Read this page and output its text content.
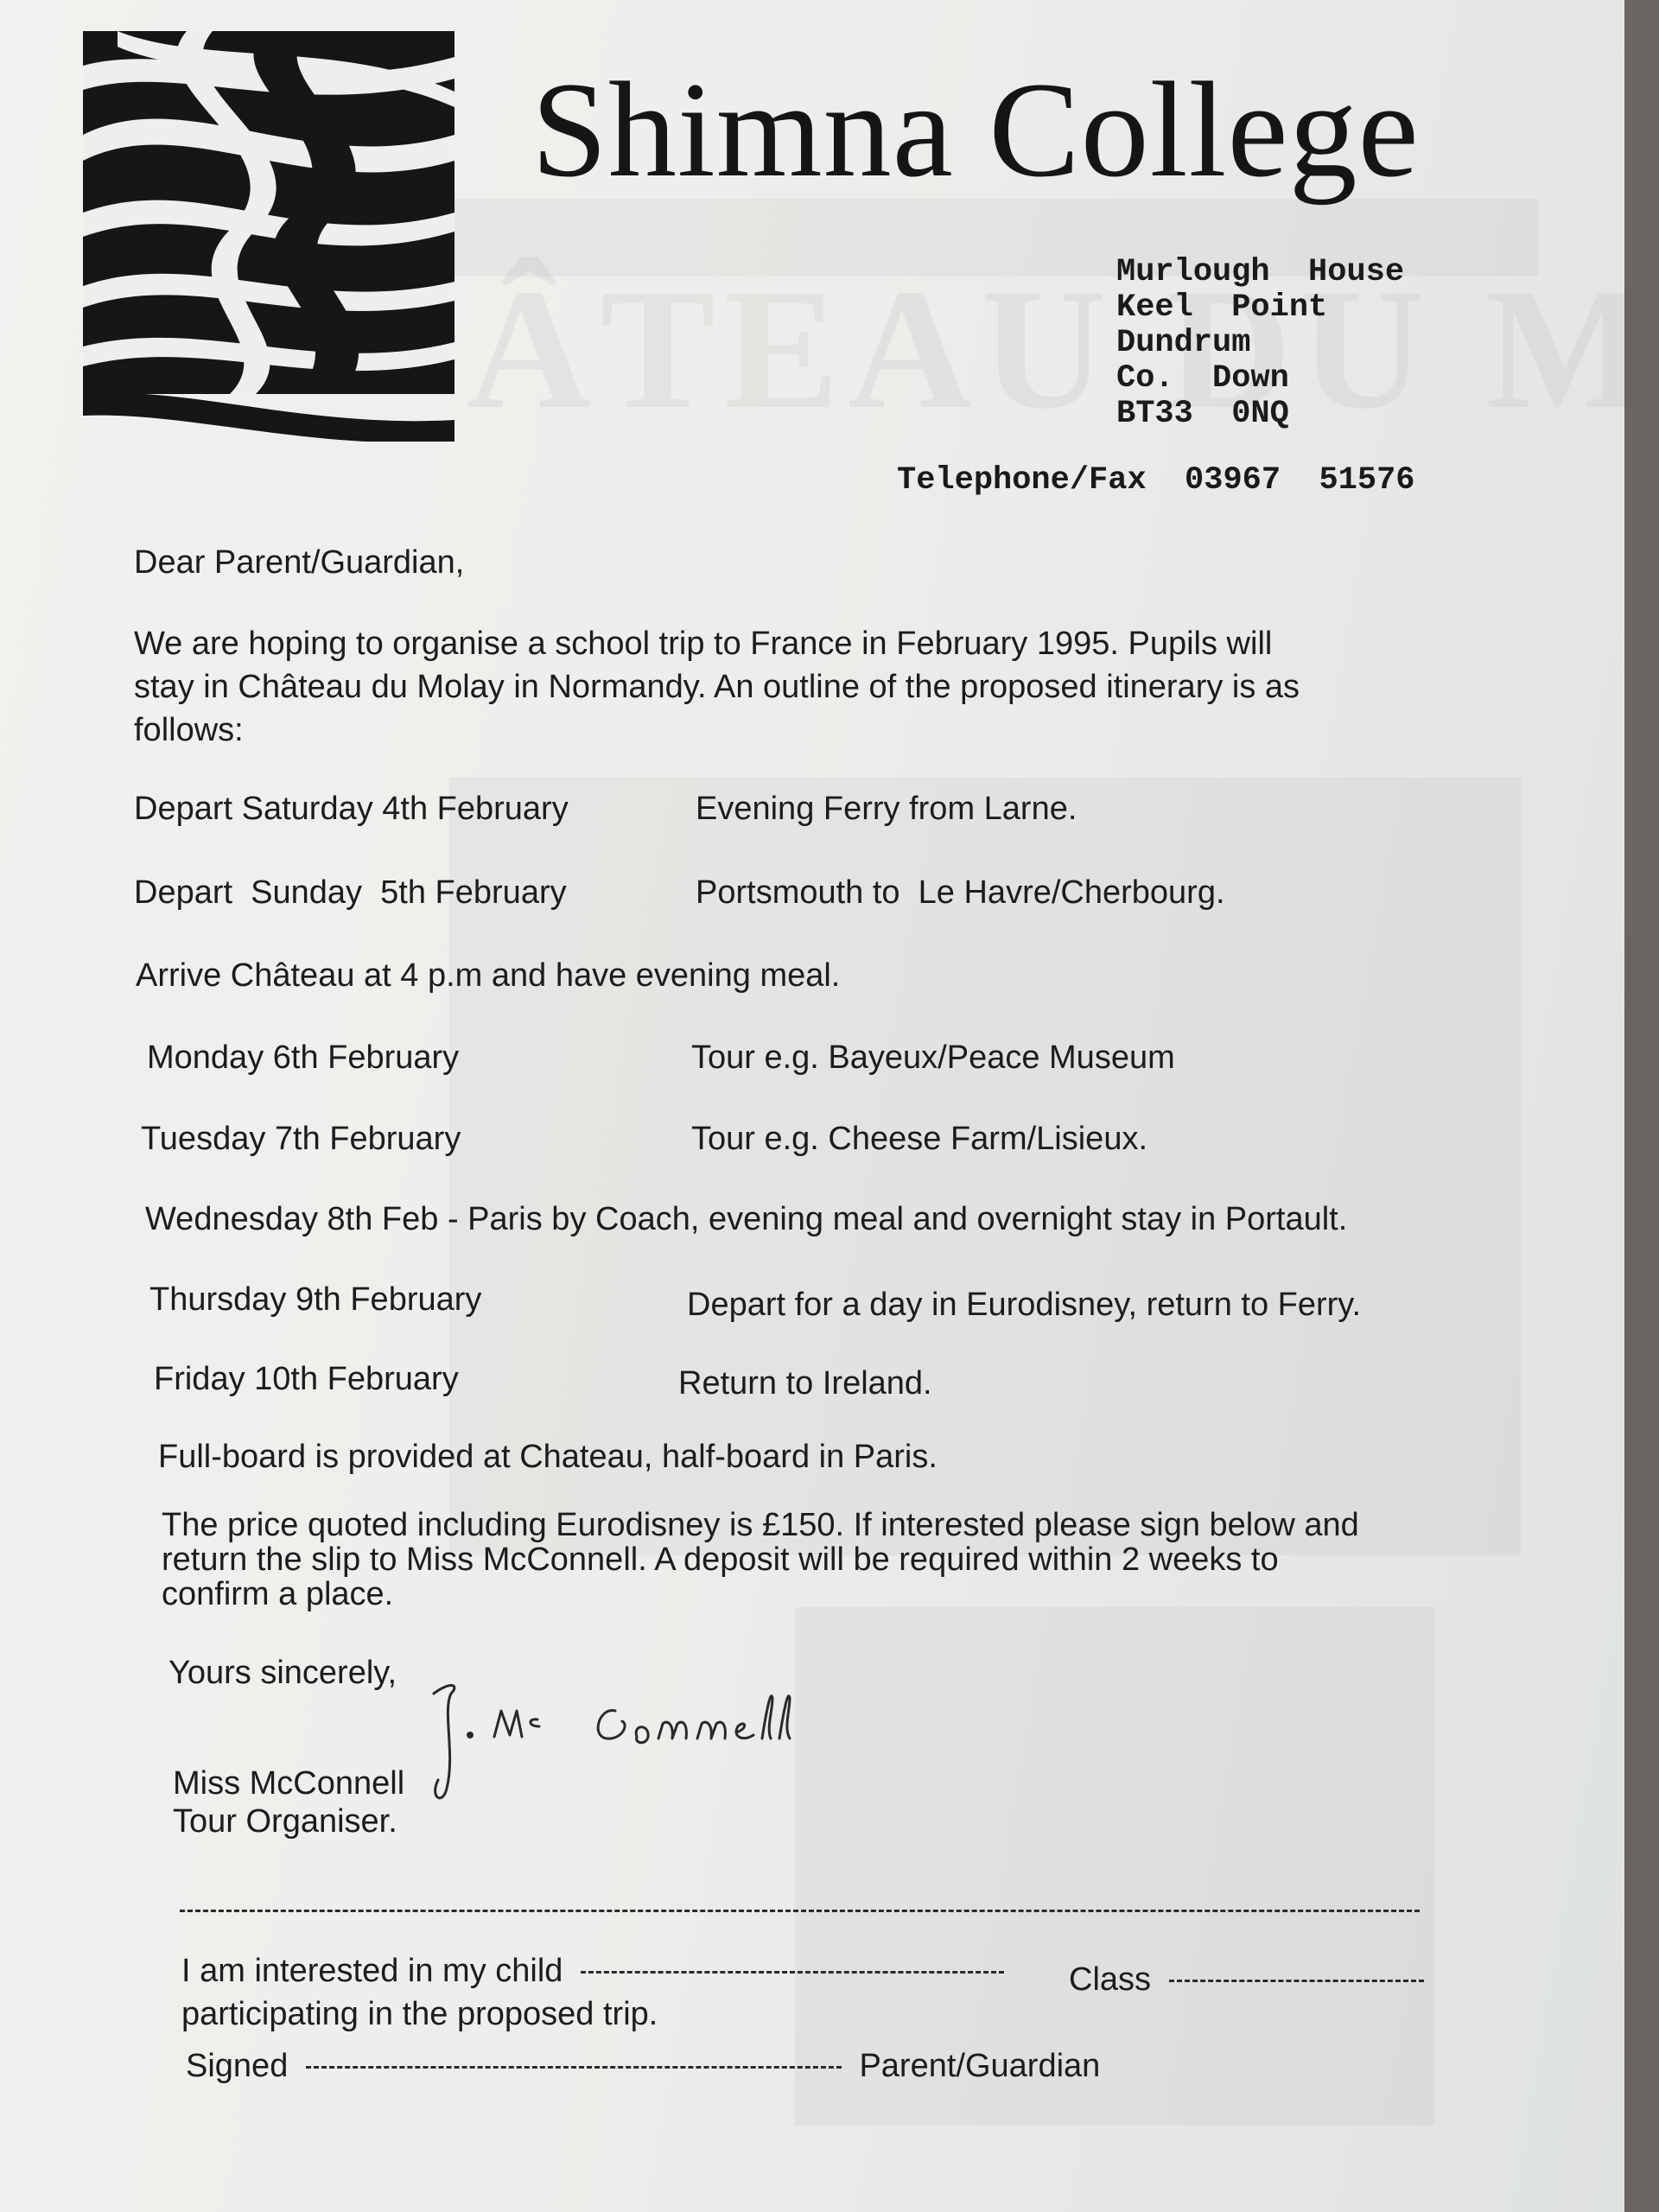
Shimna College
Murlough  House
Keel  Point
Dundrum
Co.  Down
BT33  0NQ
Telephone/Fax  03967  51576
Dear Parent/Guardian,
We are hoping to organise a school trip to France in February 1995. Pupils will
stay in Château du Molay in Normandy. An outline of the proposed itinerary is as
follows:
Depart Saturday 4th February	Evening Ferry from Larne.
Depart  Sunday  5th February	Portsmouth to  Le Havre/Cherbourg.
Arrive Château at 4 p.m and have evening meal.
Monday 6th February	Tour e.g. Bayeux/Peace Museum
Tuesday 7th February	Tour e.g. Cheese Farm/Lisieux.
Wednesday 8th Feb - Paris by Coach, evening meal and overnight stay in Portault.
Thursday 9th February	Depart for a day in Eurodisney, return to Ferry.
Friday 10th February	Return to Ireland.
Full-board is provided at Chateau, half-board in Paris.
The price quoted including Eurodisney is £150. If interested please sign below and
return the slip to Miss McConnell. A deposit will be required within 2 weeks to
confirm a place.
Yours sincerely,
Miss McConnell
Tour Organiser.
I am interested in my child	Class
participating in the proposed trip.
Signed	Parent/Guardian
